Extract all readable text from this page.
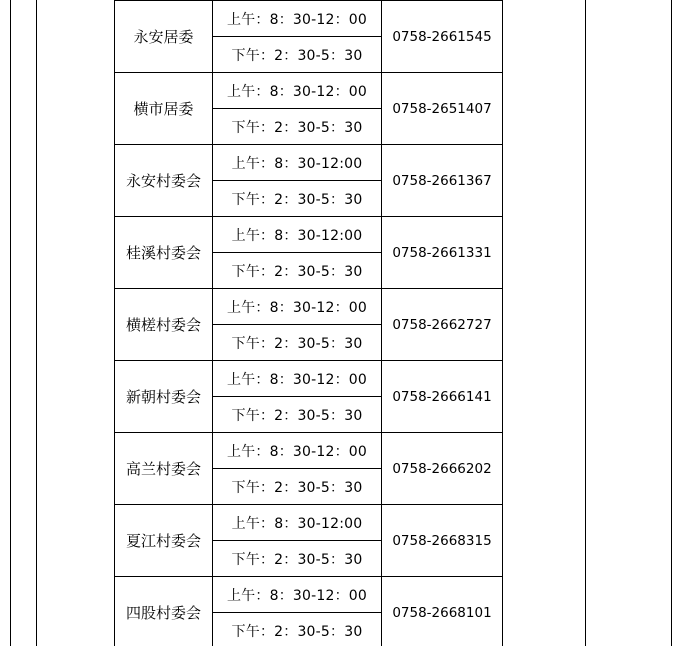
永安居委	上午：8：30-12：00	0758-2661545
	下午：2：30-5：30	
横市居委	上午：8：30-12：00	0758-2651407
	下午：2：30-5：30	
永安村委会	上午：8：30-12:00	0758-2661367
	下午：2：30-5：30	
桂溪村委会	上午：8：30-12:00	0758-2661331
	下午：2：30-5：30	
横槎村委会	上午：8：30-12：00	0758-2662727
	下午：2：30-5：30	
新朝村委会	上午：8：30-12：00	0758-2666141
	下午：2：30-5：30	
高兰村委会	上午：8：30-12：00	0758-2666202
	下午：2：30-5：30	
夏江村委会	上午：8：30-12:00	0758-2668315
	下午：2：30-5：30	
四股村委会	上午：8：30-12：00	0758-2668101
	下午：2：30-5：30	
